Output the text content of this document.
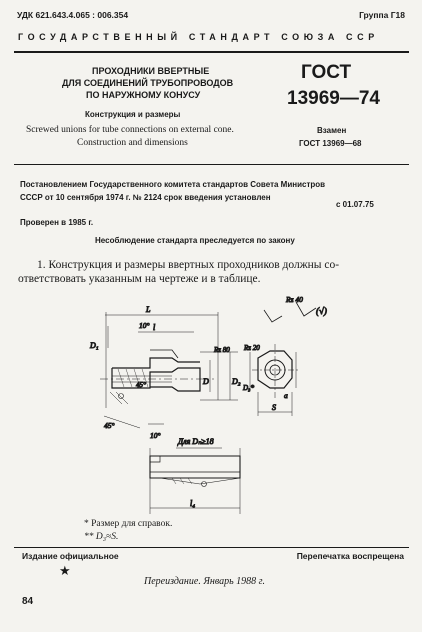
УДК 621.643.4.065 : 006.354	Группа Г18
ГОСУДАРСТВЕННЫЙ СТАНДАРТ СОЮЗА ССР
ПРОХОДНИКИ ВВЕРТНЫЕ
ДЛЯ СОЕДИНЕНИЙ ТРУБОПРОВОДОВ
ПО НАРУЖНОМУ КОНУСУ
Конструкция и размеры
Screwed unions for tube connections on external cone.
Construction and dimensions
ГОСТ
13969—74
Взамен
ГОСТ 13969—68
Постановлением Государственного комитета стандартов Совета Министров
СССР от 10 сентября 1974 г. № 2124 срок введения установлен
с 01.07.75
Проверен в 1985 г.
Несоблюдение стандарта преследуется по закону
1. Конструкция и размеры ввертных проходников должны со-
ответствовать указанным на чертеже и в таблице.
L
l
10°
D₁
D	D₂
D₃*
45°
45°
10°
Rz 40
Rz 80 Rz 20
S
a
(√)
Для Dₙ≥18
l₄
* Размер для справок.
** D₃≈S.
Издание официальное	Перепечатка воспрещена
★
Переиздание. Январь 1988 г.
84
